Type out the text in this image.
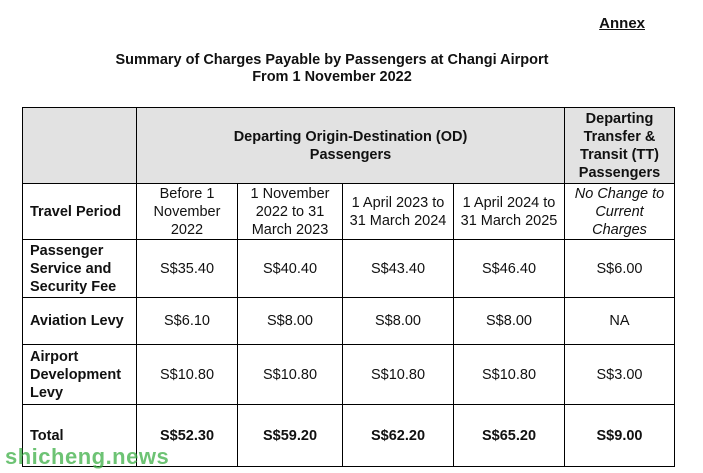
Annex
Summary of Charges Payable by Passengers at Changi Airport
From 1 November 2022
	Departing Origin-Destination (OD) Passengers				Departing Transfer & Transit (TT) Passengers
Travel Period	Before 1 November 2022	1 November 2022 to 31 March 2023	1 April 2023 to 31 March 2024	1 April 2024 to 31 March 2025	No Change to Current Charges
Passenger Service and Security Fee	S$35.40	S$40.40	S$43.40	S$46.40	S$6.00
Aviation Levy	S$6.10	S$8.00	S$8.00	S$8.00	NA
Airport Development Levy	S$10.80	S$10.80	S$10.80	S$10.80	S$3.00
Total	S$52.30	S$59.20	S$62.20	S$65.20	S$9.00
shicheng.news
